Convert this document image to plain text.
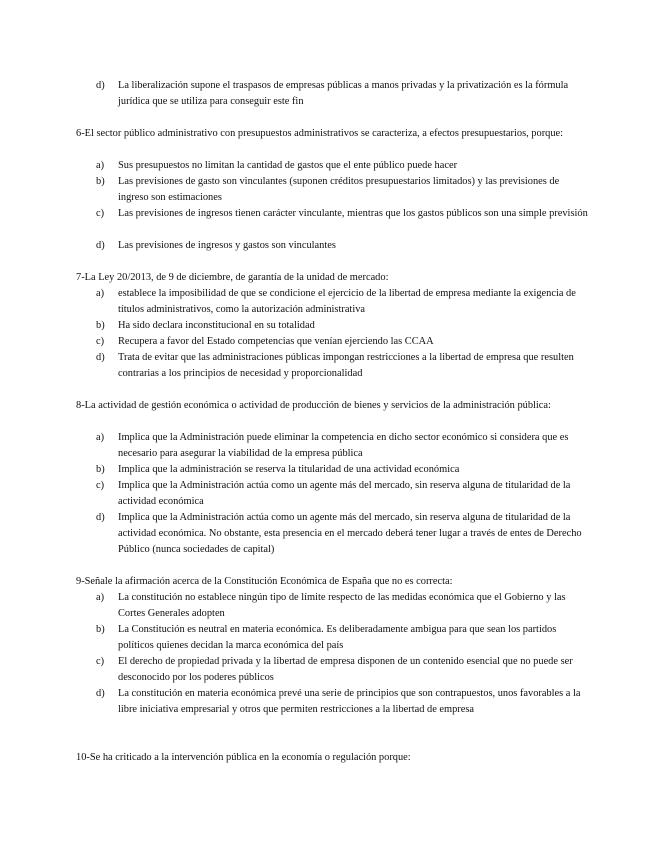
d)	La liberalización supone el traspasos de empresas públicas a manos privadas y la privatización es la fórmula jurídica que se utiliza para conseguir este fin
6-El sector público administrativo con presupuestos administrativos se caracteriza, a efectos presupuestarios, porque:
a)	Sus presupuestos no limitan la cantidad de gastos que el ente público puede hacer
b)	Las previsiones de gasto son vinculantes (suponen créditos presupuestarios limitados) y las previsiones de ingreso son estimaciones
c)	Las previsiones de ingresos tienen carácter vinculante, mientras que los gastos públicos son una simple previsión
d)	Las previsiones de ingresos y gastos son vinculantes
7-La Ley 20/2013, de 9 de diciembre, de garantía de la unidad de mercado:
a)	establece la imposibilidad de que se condicione el ejercicio de la libertad de empresa mediante la exigencia de títulos administrativos, como la autorización administrativa
b)	Ha sido declara inconstitucional en su totalidad
c)	Recupera a favor del Estado competencias que venían ejerciendo las CCAA
d)	Trata de evitar que las administraciones públicas impongan restricciones a la libertad de empresa que resulten contrarias a los principios de necesidad y proporcionalidad
8-La actividad de gestión económica o actividad de producción de bienes y servicios de la administración pública:
a)	Implica que la Administración puede eliminar la competencia en dicho sector económico si considera que es necesario para asegurar la viabilidad de la empresa pública
b)	Implica que la administración se reserva la titularidad de una actividad económica
c)	Implica que la Administración actúa como un agente más del mercado, sin reserva alguna de titularidad de la actividad económica
d)	Implica que la Administración actúa como un agente más del mercado, sin reserva alguna de titularidad de la actividad económica. No obstante, esta presencia en el mercado deberá tener lugar a través de entes de Derecho Público (nunca sociedades de capital)
9-Señale la afirmación acerca de la Constitución Económica de España que no es correcta:
a)	La constitución no establece ningún tipo de límite respecto de las medidas económica que el Gobierno y las Cortes Generales adopten
b)	La Constitución es neutral en materia económica. Es deliberadamente ambigua para que sean los partidos políticos quienes decidan la marca económica del país
c)	El derecho de propiedad privada y la libertad de empresa disponen de un contenido esencial que no puede ser desconocido por los poderes públicos
d)	La constitución en materia económica prevé una serie de principios que son contrapuestos, unos favorables a la libre iniciativa empresarial y otros que permiten restricciones a la libertad de empresa
10-Se ha criticado a la intervención pública en la economía o regulación porque:
